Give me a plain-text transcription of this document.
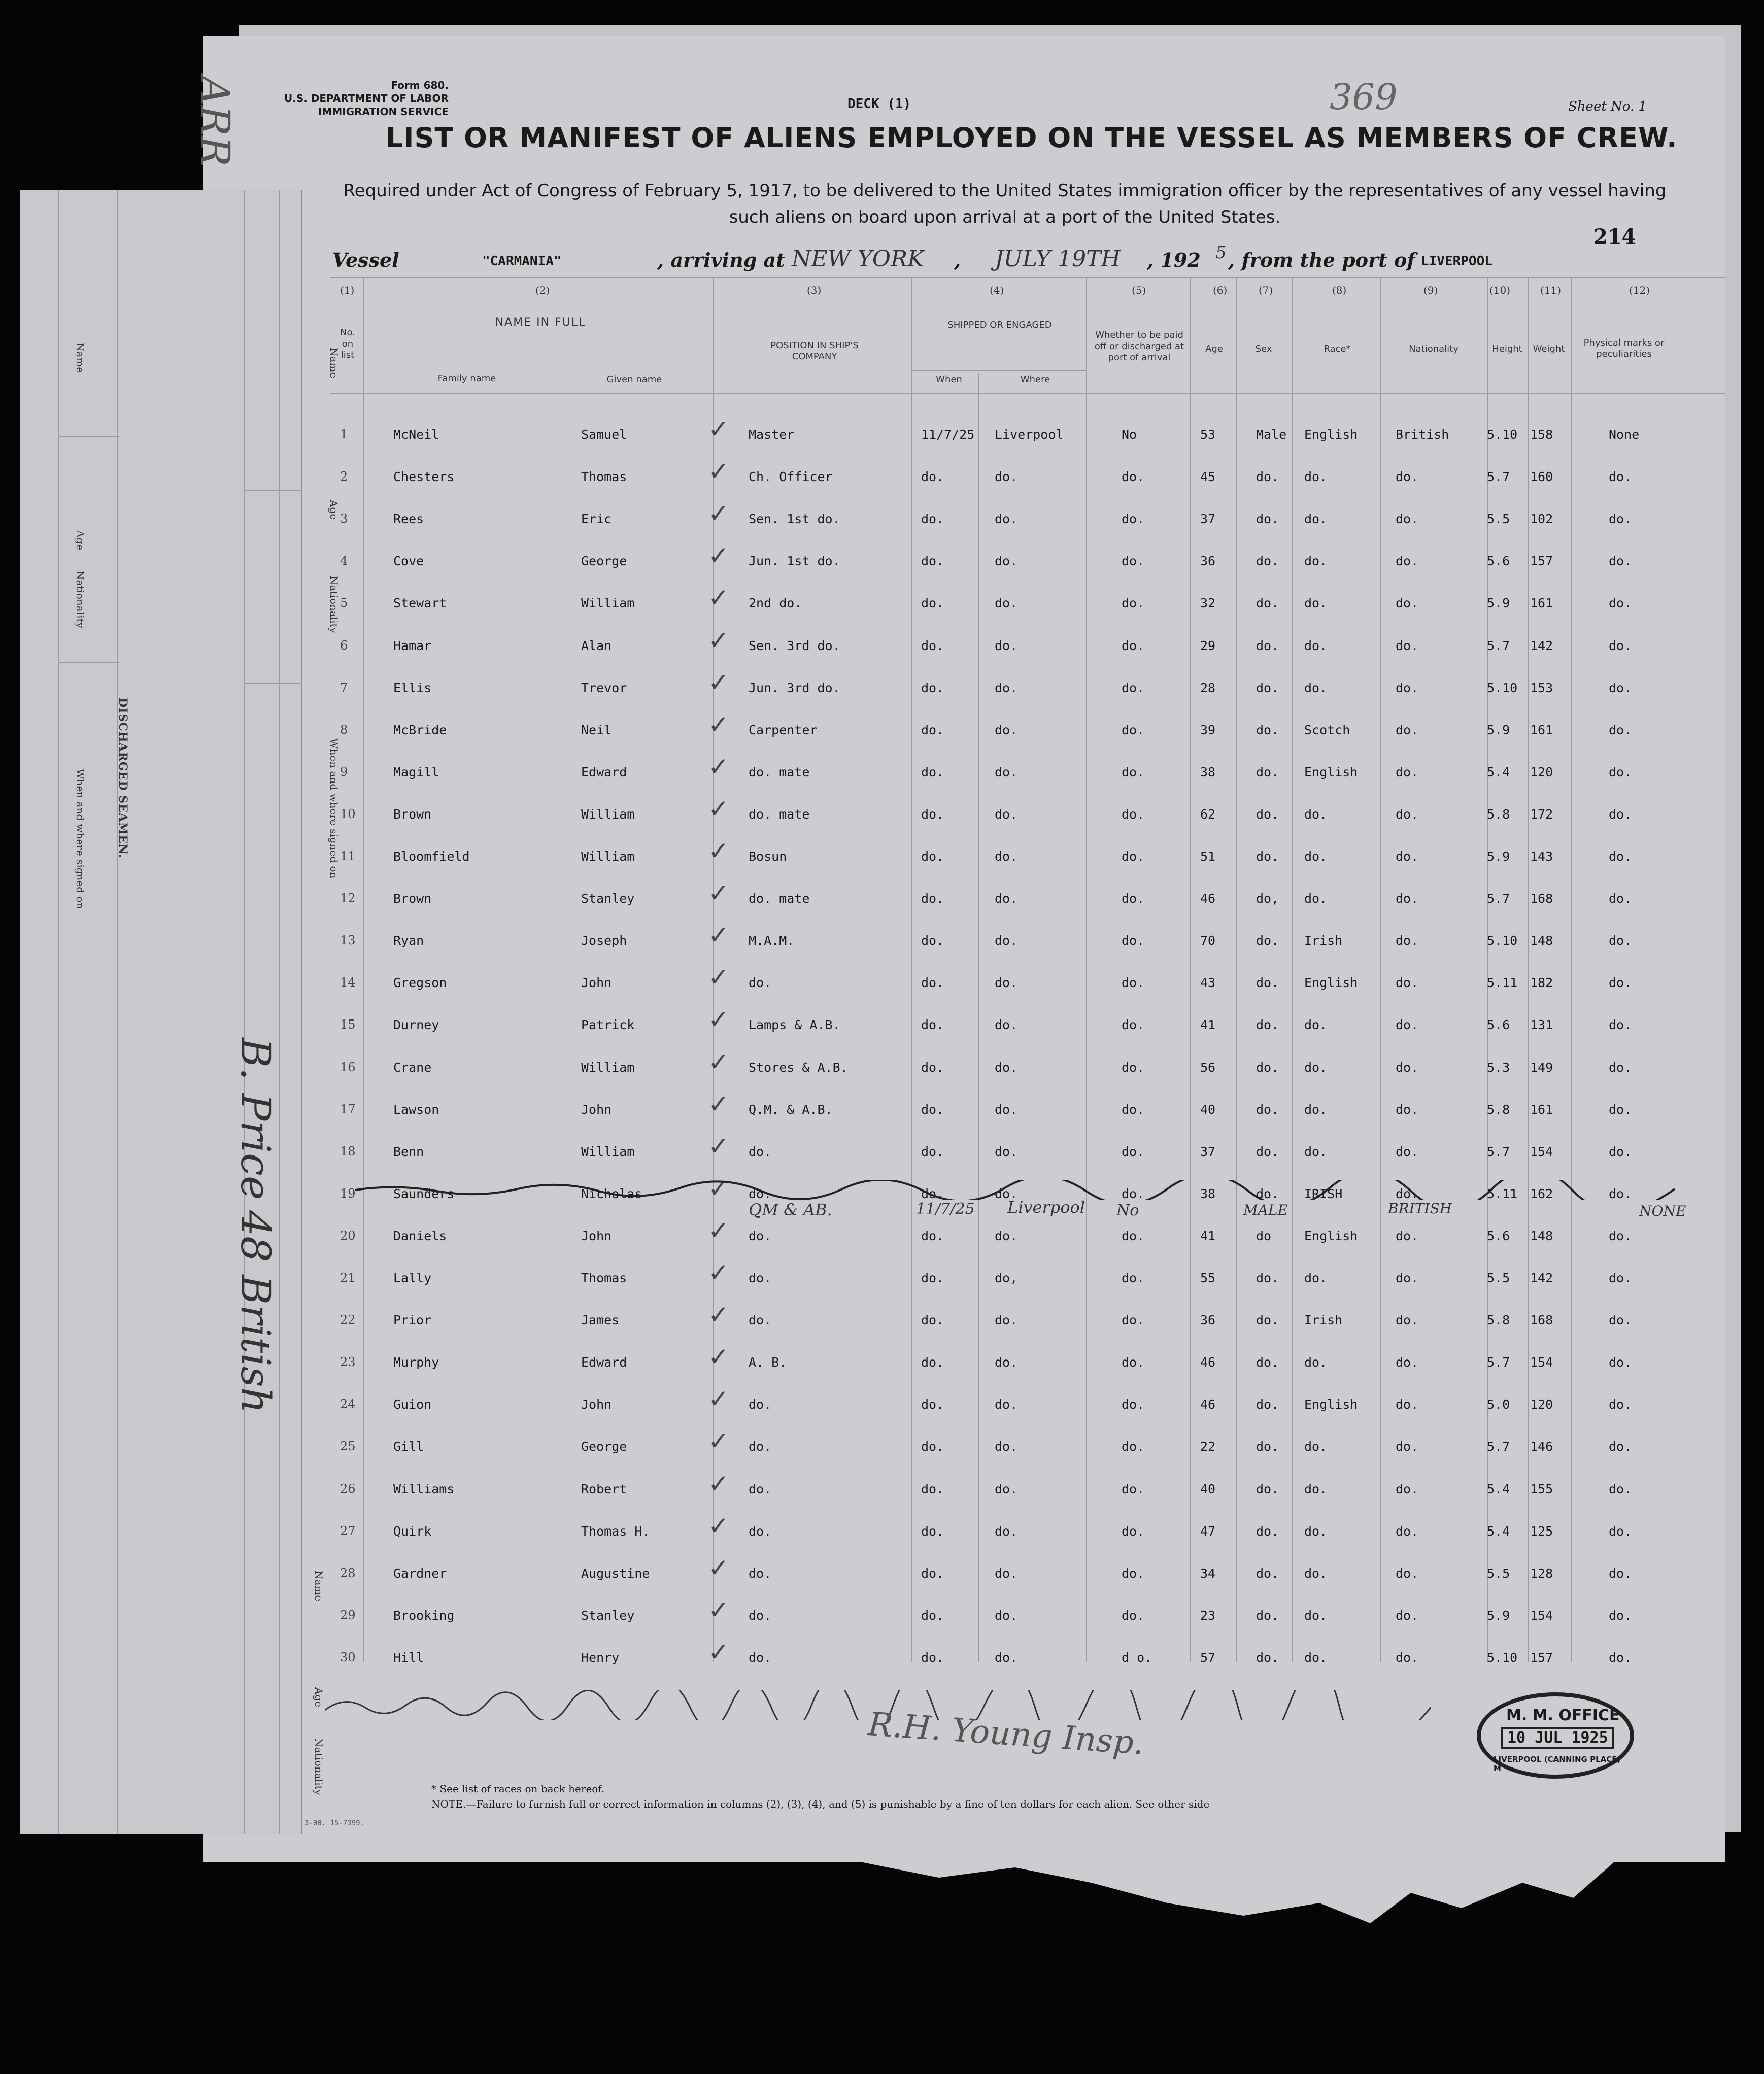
Form 680.
U.S. DEPARTMENT OF LABOR
IMMIGRATION SERVICE	DECK (1)	Sheet No. 1
369
LIST OR MANIFEST OF ALIENS EMPLOYED ON THE VESSEL AS MEMBERS OF CREW.
Required under Act of Congress of February 5, 1917, to be delivered to the United States immigration officer by the representatives of any vessel having such aliens on board upon arrival at a port of the United States.
214
Vessel	"CARMANIA"	, arriving at NEW YORK , JULY 19TH , 192 5 , from the port of LIVERPOOL
(1)	(2)	(3)	(4)	(5)	(6)	(7)	(8)	(9)	(10)	(11)	(12)
No. on list
NAME IN FULL
Family name	Given name
POSITION IN SHIP'S COMPANY
SHIPPED OR ENGAGED
When	Where
Whether to be paid off or discharged at port of arrival
Age	Sex	Race*	Nationality	Height	Weight
Physical marks or peculiarities
1	McNeil	Samuel	Master	11/7/25 Liverpool	No	53	Male English	British	5.10 158	None
✓
2	Chesters	Thomas	Ch. Officer	do.	do.	do.	45	do. do.	do.	5.7 160	do.
✓
3	Rees	Eric	Sen. 1st do.	do.	do.	do.	37	do. do.	do.	5.5 102	do.
✓
4	Cove	George	Jun. 1st do.	do.	do.	do.	36	do. do.	do.	5.6 157	do.
✓
5	Stewart	William	2nd do.	do.	do.	do.	32	do. do.	do.	5.9 161	do.
✓
6	Hamar	Alan	Sen. 3rd do.	do.	do.	do.	29	do. do.	do.	5.7 142	do.
✓
7	Ellis	Trevor	Jun. 3rd do.	do.	do.	do.	28	do. do.	do.	5.10 153	do.
✓
8	McBride	Neil	Carpenter	do.	do.	do.	39	do. Scotch	do.	5.9 161	do.
✓
9	Magill	Edward	do. mate	do.	do.	do.	38	do. English	do.	5.4 120	do.
✓
10	Brown	William	do. mate	do.	do.	do.	62	do. do.	do.	5.8 172	do.
✓
11	Bloomfield	William	Bosun	do.	do.	do.	51	do. do.	do.	5.9 143	do.
✓
12	Brown	Stanley	do. mate	do.	do.	do.	46	do, do.	do.	5.7 168	do.
✓
13	Ryan	Joseph	M.A.M.	do.	do.	do.	70	do. Irish	do.	5.10 148	do.
✓
14	Gregson	John	do.	do.	do.	do.	43	do. English	do.	5.11 182	do.
✓
15	Durney	Patrick	Lamps & A.B.	do.	do.	do.	41	do. do.	do.	5.6 131	do.
✓
16	Crane	William	Stores & A.B.	do.	do.	do.	56	do. do.	do.	5.3 149	do.
✓
17	Lawson	John	Q.M. & A.B.	do.	do.	do.	40	do. do.	do.	5.8 161	do.
✓
18	Benn	William	do.	do.	do.	do.	37	do. do.	do.	5.7 154	do.
✓
19	Saunders	Nicholas	do.	do.	do.	do.	38	do. IRISH	do.	5.11 162	do.
✓
20	Daniels	John	do.	do.	do.	do.	41	do	English	do.	5.6 148	do.
✓
21	Lally	Thomas	do.	do.	do,	do.	55	do. do.	do.	5.5 142	do.
✓
22	Prior	James	do.	do.	do.	do.	36	do. Irish	do.	5.8 168	do.
✓
23	Murphy	Edward	A. B.	do.	do.	do.	46	do. do.	do.	5.7 154	do.
✓
24	Guion	John	do.	do.	do.	do.	46	do. English	do.	5.0 120	do.
✓
25	Gill	George	do.	do.	do.	do.	22	do. do.	do.	5.7 146	do.
✓
26	Williams	Robert	do.	do.	do.	do.	40	do. do.	do.	5.4 155	do.
✓
27	Quirk	Thomas H.	do.	do.	do.	do.	47	do. do.	do.	5.4 125	do.
✓
28	Gardner	Augustine	do.	do.	do.	do.	34	do. do.	do.	5.5 128	do.
✓
29	Brooking	Stanley	do.	do.	do.	do.	23	do. do.	do.	5.9 154	do.
✓
30	Hill	Henry	do.	do.	do.	d o.	57	do. do.	do.	5.10 157	do.
✓
QM & AB.	11/7/25 Liverpool No	MALE	BRITISH	NONE
R.H. Young Insp.	M. M. OFFICE
10 JUL 1925
LIVERPOOL (CANNING PLACE) M
* See list of races on back hereof.
NOTE.—Failure to furnish full or correct information in columns (2), (3), (4), and (5) is punishable by a fine of ten dollars for each alien. See other side
3-00. 15-7399.
ARR
Name
Age
Nationality
When and where signed on	DISCHARGED SEAMEN.
Name
Age
Nationality
When and where signed on
Name
Age
Nationality
B. Price
48 British
